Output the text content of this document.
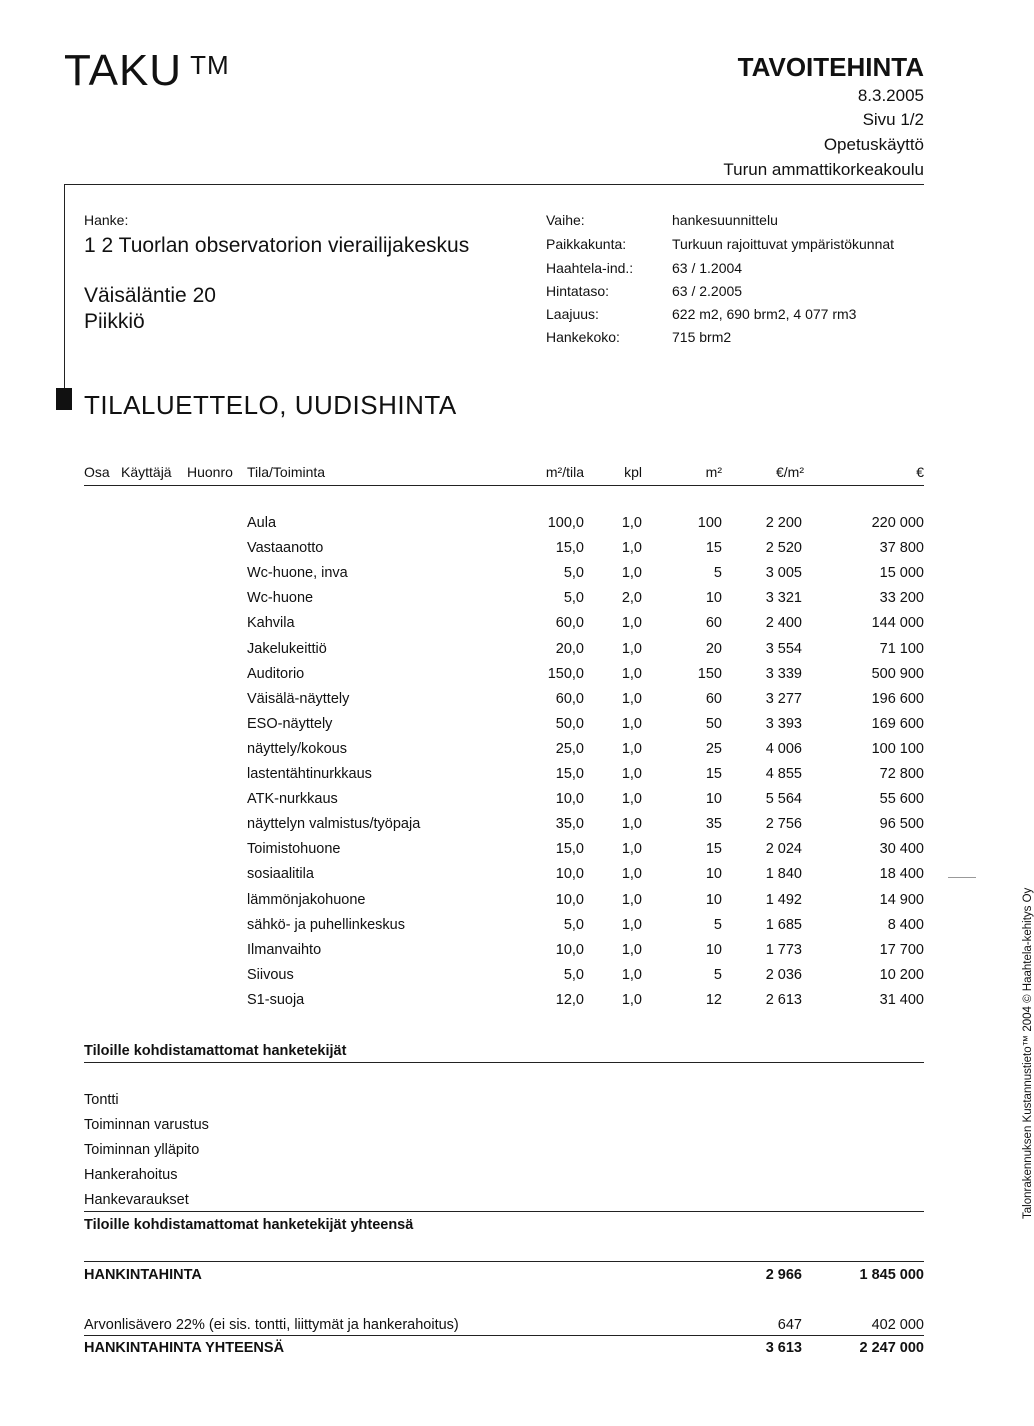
TAKU ™	TAVOITEHINTA
8.3.2005
Sivu 1/2
Opetuskäyttö
Turun ammattikorkeakoulu
Hanke:
1 2 Tuorlan observatorion vierailijakeskus
Väisäläntie 20
Piikkiö
Vaihe:	hankesuunnittelu
Paikkakunta:	Turkuun rajoittuvat ympäristökunnat
Haahtela-ind.:	63 / 1.2004
Hintataso:	63 / 2.2005
Laajuus:	622 m2, 690 brm2, 4 077 rm3
Hankekoko:	715 brm2
TILALUETTELO, UUDISHINTA
Osa Käyttäjä Huonro Tila/Toiminta	m²/tila	kpl	m²	€/m²	€
Aula	100,0	1,0	100	2 200	220 000
Vastaanotto	15,0	1,0	15	2 520	37 800
Wc-huone, inva	5,0	1,0	5	3 005	15 000
Wc-huone	5,0	2,0	10	3 321	33 200
Kahvila	60,0	1,0	60	2 400	144 000
Jakelukeittiö	20,0	1,0	20	3 554	71 100
Auditorio	150,0	1,0	150	3 339	500 900
Väisälä-näyttely	60,0	1,0	60	3 277	196 600
ESO-näyttely	50,0	1,0	50	3 393	169 600
näyttely/kokous	25,0	1,0	25	4 006	100 100
lastentähtinurkkaus	15,0	1,0	15	4 855	72 800
ATK-nurkkaus	10,0	1,0	10	5 564	55 600
näyttelyn valmistus/työpaja	35,0	1,0	35	2 756	96 500
Toimistohuone	15,0	1,0	15	2 024	30 400
sosiaalitila	10,0	1,0	10	1 840	18 400
lämmönjakohuone	10,0	1,0	10	1 492	14 900
sähkö- ja puhellinkeskus	5,0	1,0	5	1 685	8 400
Ilmanvaihto	10,0	1,0	10	1 773	17 700
Siivous	5,0	1,0	5	2 036	10 200
S1-suoja	12,0	1,0	12	2 613	31 400
Tiloille kohdistamattomat hanketekijät
Tontti
Toiminnan varustus
Toiminnan ylläpito
Hankerahoitus
Hankevaraukset
Tiloille kohdistamattomat hanketekijät yhteensä
HANKINTAHINTA	2 966	1 845 000
Arvonlisävero 22% (ei sis. tontti, liittymät ja hankerahoitus)	647	402 000
HANKINTAHINTA YHTEENSÄ	3 613	2 247 000
Talonrakennuksen Kustannustieto™ 2004 © Haahtela-kehitys Oy
